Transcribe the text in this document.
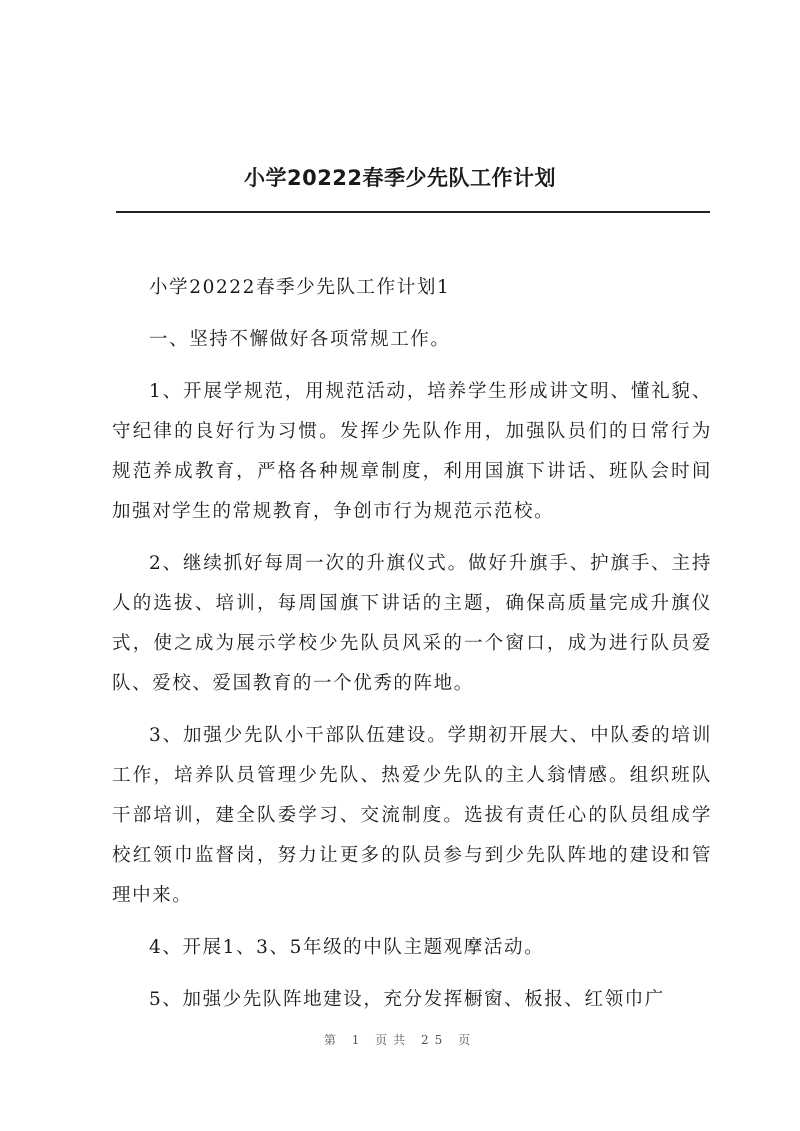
小学20222春季少先队工作计划

小学20222春季少先队工作计划1

一、坚持不懈做好各项常规工作。

1、开展学规范，用规范活动，培养学生形成讲文明、懂礼貌、守纪律的良好行为习惯。发挥少先队作用，加强队员们的日常行为规范养成教育，严格各种规章制度，利用国旗下讲话、班队会时间加强对学生的常规教育，争创市行为规范示范校。

2、继续抓好每周一次的升旗仪式。做好升旗手、护旗手、主持人的选拔、培训，每周国旗下讲话的主题，确保高质量完成升旗仪式，使之成为展示学校少先队员风采的一个窗口，成为进行队员爱队、爱校、爱国教育的一个优秀的阵地。

3、加强少先队小干部队伍建设。学期初开展大、中队委的培训工作，培养队员管理少先队、热爱少先队的主人翁情感。组织班队干部培训，建全队委学习、交流制度。选拔有责任心的队员组成学校红领巾监督岗，努力让更多的队员参与到少先队阵地的建设和管理中来。

4、开展1、3、5年级的中队主题观摩活动。

5、加强少先队阵地建设，充分发挥橱窗、板报、红领巾广

第 1 页共 25 页
